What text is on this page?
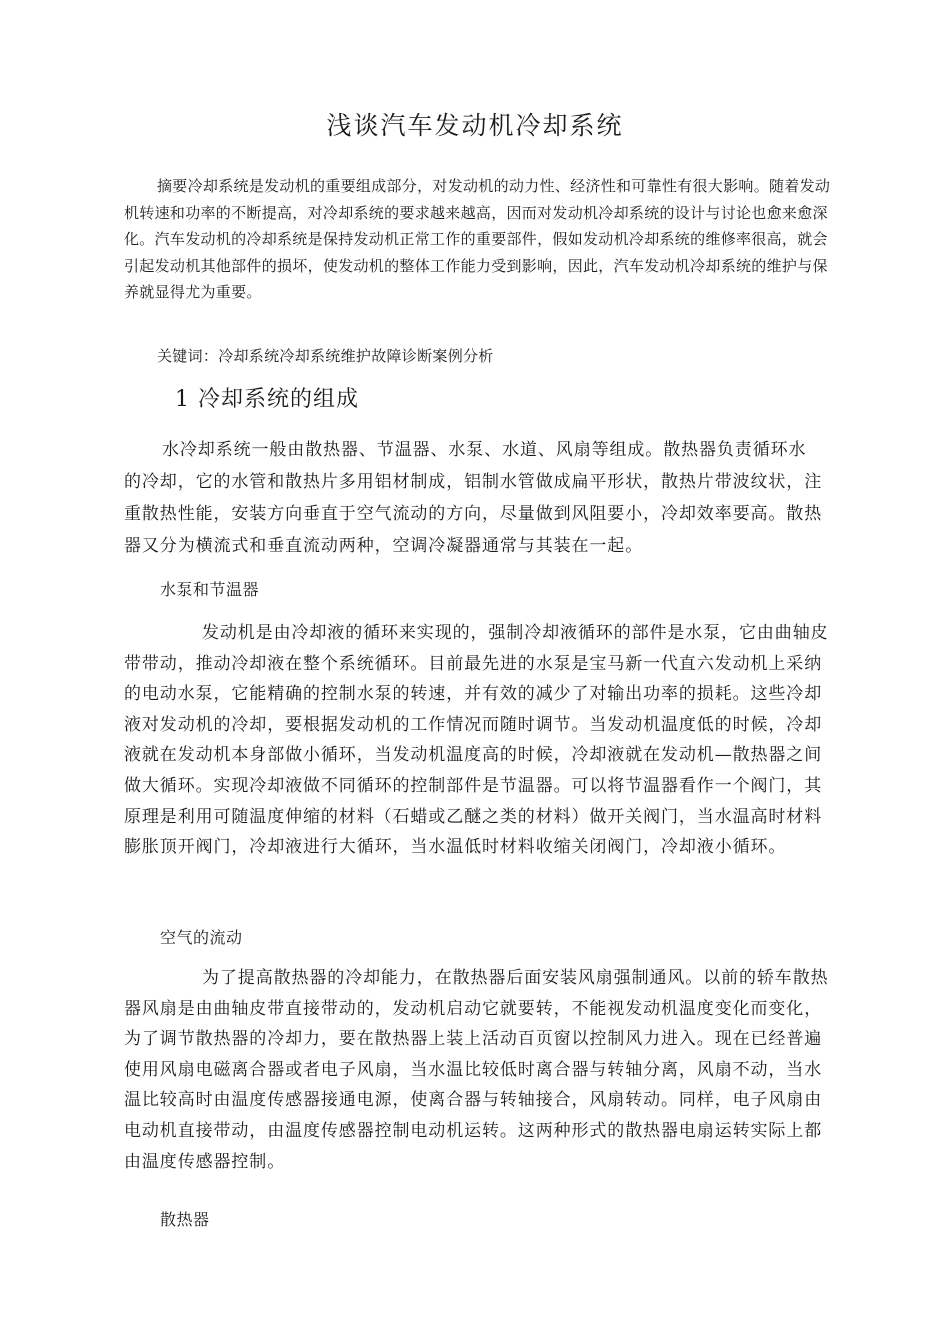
浅谈汽车发动机冷却系统

摘要冷却系统是发动机的重要组成部分，对发动机的动力性、经济性和可靠性有很大影响。随着发动机转速和功率的不断提高，对冷却系统的要求越来越高，因而对发动机冷却系统的设计与讨论也愈来愈深化。汽车发动机的冷却系统是保持发动机正常工作的重要部件，假如发动机冷却系统的维修率很高，就会引起发动机其他部件的损坏，使发动机的整体工作能力受到影响，因此，汽车发动机冷却系统的维护与保养就显得尤为重要。

关键词：冷却系统冷却系统维护故障诊断案例分析
1 冷却系统的组成

水冷却系统一般由散热器、节温器、水泵、水道、风扇等组成。散热器负责循环水的冷却，它的水管和散热片多用铝材制成，铝制水管做成扁平形状，散热片带波纹状，注重散热性能，安装方向垂直于空气流动的方向，尽量做到风阻要小，冷却效率要高。散热器又分为横流式和垂直流动两种，空调冷凝器通常与其装在一起。

水泵和节温器

发动机是由冷却液的循环来实现的，强制冷却液循环的部件是水泵，它由曲轴皮带带动，推动冷却液在整个系统循环。目前最先进的水泵是宝马新一代直六发动机上采纳的电动水泵，它能精确的控制水泵的转速，并有效的减少了对输出功率的损耗。这些冷却液对发动机的冷却，要根据发动机的工作情况而随时调节。当发动机温度低的时候，冷却液就在发动机本身部做小循环，当发动机温度高的时候，冷却液就在发动机—散热器之间做大循环。实现冷却液做不同循环的控制部件是节温器。可以将节温器看作一个阀门，其原理是利用可随温度伸缩的材料（石蜡或乙醚之类的材料）做开关阀门，当水温高时材料膨胀顶开阀门，冷却液进行大循环，当水温低时材料收缩关闭阀门，冷却液小循环。

空气的流动

为了提高散热器的冷却能力，在散热器后面安装风扇强制通风。以前的轿车散热器风扇是由曲轴皮带直接带动的，发动机启动它就要转，不能视发动机温度变化而变化，为了调节散热器的冷却力，要在散热器上装上活动百页窗以控制风力进入。现在已经普遍使用风扇电磁离合器或者电子风扇，当水温比较低时离合器与转轴分离，风扇不动，当水温比较高时由温度传感器接通电源，使离合器与转轴接合，风扇转动。同样，电子风扇由电动机直接带动，由温度传感器控制电动机运转。这两种形式的散热器电扇运转实际上都由温度传感器控制。

散热器
